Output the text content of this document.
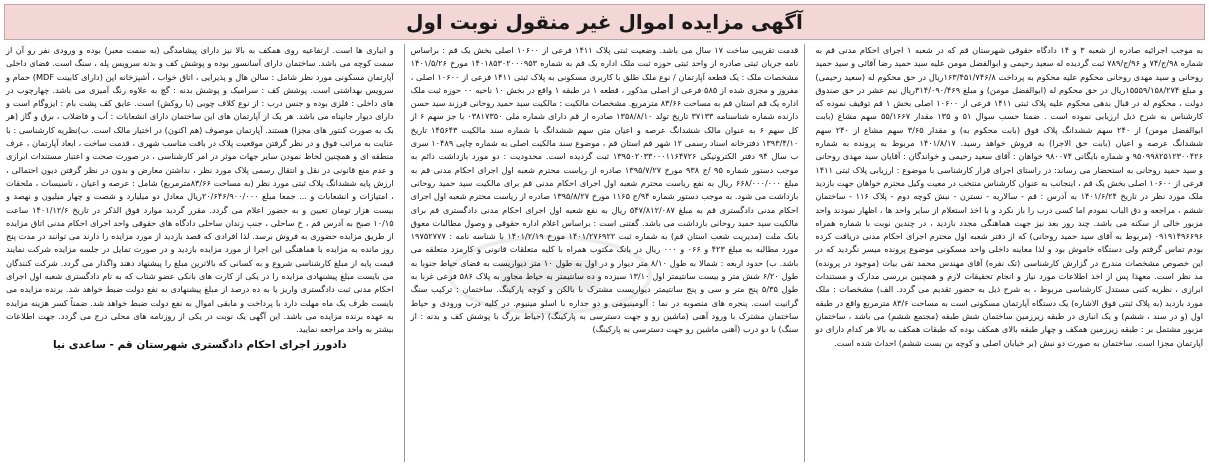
آگهی مزایده اموال غیر منقول نوبت اول

به موجب اجرائیه صادره از شعبه ۳ و ۱۴ دادگاه حقوقی شهرستان قم که در شعبه ۱ اجرای احکام مدنی قم به شماره ۹۸/ج/۷۴ و ۹۶/ج/۷۸۹ ثبت گردیده له سعید رحیمی و ابوالفضل مومن علیه سید حمید رضا آقائی و سید حمید روحانی و سید مهدی روحانی محکوم علیه محکوم به پرداخت ۱۶۳/۴۵۱/۷۴۶/۸ریال در حق محکوم له (سعید رحیمی) و مبلغ ۱۵۵۵۹/۱۵۸/۲۷۴ریال در حق محکوم له (ابوالفضل مومن) و مبلغ ۳۱۴/۰۹۰/۴۶۹ریال نیم عشر در حق صندوق دولت ، محکوم له در قبال بدهی محکوم علیه پلاک ثبتی ۱۴۱۱ فرعی از ۱۰۶۰۰ اصلی بخش ۱ قم توقیف نموده که کارشناس به شرح ذیل ارزیابی نموده است . ضمنا حسب سوال ۵۱ و ۱۳۵ مقدار ۵۵/۱۶۶۷ سهم مشاع (بابت ابوالفضل مومن) از ۲۴۰ سهم ششدانگ پلاک فوق (بابت محکوم به) و مقدار ۳/۶۵ سهم مشاع از ۲۴۰ سهم ششدانگ عرصه و اعیان (بابت حق الاجرا) به فروش خواهد رسید. ۱۴۰۱/۸/۱۷ مربوط به پرونده به شماره ۹۵۰۹۹۸۲۵۱۲۳۰۰۴۲۶ و شماره بایگانی ۹۸۰۰۷۴ خواهان : آقای سعید رحیمی و خواندگان : آقایان سید مهدی روحانی و سید حمید روحانی به استحضار می رساند: در راستای اجرای قرار کارشناسی با موضوع : ارزیابی پلاک ثبتی ۱۴۱۱ فرعی از ۱۰۶۰۰ اصلی بخش یک قم ، اینجانب به عنوان کارشناس منتخب در معیت وکیل محترم خواهان جهت بازدید ملک مورد نظر در تاریخ ۱۴۰۱/۶/۲۴ به آدرس : قم - سالاریه - نسترن - نبش کوچه دوم - پلاک ۱۱۶ - ساختمان ششم ، مراجعه و دق الباب نمودم اما کسی درب را باز نکرد و با اخذ استعلام از سایر واحد ها ، اظهار نمودند واحد مزبور خالی از سکنه می باشد. چند روز بعد نیز جهت هماهنگی مجدد بازدید ، در چندین نوبت با شماره همراه ۰۹۱۹۱۴۹۶۶۹۶ (مربوط به آقای سید حمید روحانی) که از دفتر شعبه اول محترم اجرای احکام مدنی دریافت کرده بودم تماس گرفتم ولی دستگاه خاموش بود و لذا معاینه داخلی واحد مسکونی موضوع پرونده میسر نگردید که در این خصوص مشخصات مندرج در گزارش کارشناسی (تک نفره) آقای مهندس محمد تقی بیات (موجود در پرونده) مد نظر است. معهذا پس از اخذ اطلاعات مورد نیاز و انجام تحقیقات لازم و همچنین بررسی مدارک و مستندات ابرازی ، نظریه کتبی مستدل کارشناسی مربوط ، به شرح ذیل به حضور تقدیم می گردد. الف) مشخصات : ملک مورد بازدید (به پلاک ثبتی فوق الاشاره) یک دستگاه آپارتمان مسکونی است به مساحت ۸۳/۶ مترمربع واقع در طبقه اول (و در سند ، ششم) و یک انباری در طبقه زیرزمین ساختمان شش طبقه (مجتمع ششم) می باشد ، ساختمان مزبور مشتمل بر : طبقه زیرزمین همکف و چهار طبقه بالای همکف بوده که طبقات همکف به بالا هر کدام دارای دو آپارتمان مجزا است. ساختمان به صورت دو نبش (بر خیابان اصلی و کوچه بن بست ششم) احداث شده است.

قدمت تقریبی ساخت ۱۷ سال می باشد. وضعیت ثبتی پلاک ۱۴۱۱ فرعی از ۱۰۶۰۰ اصلی بخش یک قم : براساس نامه جریان ثبتی صادره از واحد ثبتی حوزه ثبت ملک اداره یک قم به شماره ۱۴۰۱۸۵۳۰۲۰۰۰۹۵۳ مورخ ۱۴۰۱/۵/۲۶ مشخصات ملک : یک قطعه آپارتمان / نوع ملک طلق با کاربری مسکونی به پلاک ثبتی ۱۴۱۱ فرعی از ۱۰۶۰۰ اصلی ، مفروز و مجزی شده از ۵۸۵ فرعی از اصلی مذکور ، قطعه ۱ در طبقه ۱ واقع در بخش ۱۰ ناحیه ۰۰ حوزه ثبت ملک اداره یک قم استان قم به مساحت ۸۳/۶۶ مترمربع. مشخصات مالکیت : مالکیت سید حمید روحانی فرزند سید حسن دارنده شماره شناسنامه ۳۷۱۳۳ تاریخ تولد ۱۳۵۸/۸/۱۰ صادره از قم دارای شماره ملی ۰۳۸۱۷۳۵۰ با جز سهم ۶ از کل سهم ۶ به عنوان مالک ششدانگ عرصه و اعیان متن سهم ششدانگ با شماره سند مالکیت ۱۴۵۶۴۳ تاریخ ۱۳۹۳/۴/۱۰ دفترخانه اسناد رسمی ۱۲ شهر قم استان قم ، موضوع سند مالکیت اصلی به شماره چاپی ۱۰۴۸۹ سری ب سال ۹۴ دفتر الکترونیکی ۱۳۹۵۰۲۰۳۳۰۰۰۱۱۶۴۷۲۶ ثبت گردیده است. محدودیت : دو مورد بازداشت دائم به موجب دستور شماره ۹۵ /ج ۹۳۸ مورخ ۱۳۹۵/۷/۲۷ صادره از ریاست محترم شعبه اول اجرای احکام مدنی قم به مبلغ ۶۶۸/۰۰۰/۰۰۰ ریال به نفع ریاست محترم شعبه اول اجرای احکام مدنی قم برای مالکیت سید حمید روحانی بازداشت می شود. به موجب دستور شماره ۹۴/ج ۱۱۶۵ مورخ ۱۳۹۵/۸/۲۷ صادره از ریاست محترم شعبه اول اجرای احکام مدنی دادگستری قم به مبلغ ۵۴۷/۸۱۲/۰۸۷ ریال به نفع شعبه اول اجرای احکام مدنی دادگستری قم برای مالکیت سید حمید روحانی بازداشت می باشد. گفتنی است : براساس اعلام اداره حقوقی و وصول مطالبات معوق بانک ملت (مدیریت شعب استان قم) به شماره ثبت ۱۴۰۱/۲۷۶۹۲۲ مورخ ۱۴۰۱/۲/۱۹ با شناسه نامه : ۱۹۷۵۲۷۷۷ مورد مطالبه به مبلغ ۴۲۳ و ۰۶۶ و ۰۰۰ ریال در بانک مکتوب همراه با کلیه متعلقات قانونی و کارمزد متعلقه می باشد. ب) حدود اربعه : شمالا به طول ۸/۱۰ متر دیوار و در اول به طول ۱۰ متر دیواریست به فضای حیاط جنوبا به طول ۶/۲۰ شش متر و بیست سانتیمتر اول ۱۳/۱۰ سیزده و ده سانتیمتر به حیاط مجاور به پلاک ۵۸۶ فرعی غربا به طول ۵/۳۵ پنج متر و سی و پنج سانتیمتر دیواریست مشترک با بالکن و کوچه پارکینگ. ساختمان : ترکیب سنگ گرانیت است. پنجره های منصوبه در نما : آلومینیومی و دو جداره با اسلو مینیوم. در کلیه درب ورودی و حیاط ساختمان مشترک با ورود آهنی (ماشین رو و جهت دسترسی به پارکینگ) (حیاط بزرگ با پوشش کف و بدنه : از سنگ) با دو درب (آهنی ماشین رو جهت دسترسی به پارکینگ)

و انباری ها است. ارتفاعیه روی همکف به بالا نیز دارای پیشامدگی (به سمت معبر) بوده و ورودی نفر رو آن از سمت کوچه می باشد. ساختمان دارای آسانسور بوده و پوشش کف و بدنه سرویس پله ، سنگ است. فضای داخلی آپارتمان مسکونی مورد نظر شامل : سالن هال و پذیرایی ، اتاق خواب ، آشپزخانه اپن (دارای کابینت MDF) حمام و سرویس بهداشتی است. پوشش کف : سرامیک و پوشش بدنه : گچ به علاوه رنگ آمیزی می باشد. چهارچوب در های داخلی : فلزی بوده و جنس درب : از نوع کلاف چوبی (با روکش) است. عایق کف پشت بام : ایزوگام است و دارای دیوار جانپناه می باشد. هر یک از آپارتمان های این ساختمان دارای انشعابات : آب و فاضلاب ، برق و گاز (هر یک به صورت کنتور های مجزا) هستند. آپارتمان موصوف (هم اکنون) در اختیار مالک است. ب)نظریه کارشناسی : با عنایت به مراتب فوق و در نظر گرفتن موقعیت پلاک در بافت مناسب شهری ، قدمت ساخت ، ابعاد آپارتمان ، عرف منطقه ای و همچنین لحاظ نمودن سایر جهات موثر در امر کارشناسی ، در صورت صحت و اعتبار مستندات ابرازی و عدم منع قانونی در نقل و انتقال رسمی پلاک مورد نظر ، نداشتن معارض و بدون در نظر گرفتن دیون احتمالی ، ارزش پایه ششدانگ پلاک ثبتی مورد نظر (به مساحت ۸۳/۶۶مترمربع) شامل : عرصه و اعیان ، تاسیسات ، ملحقات ، امتیازات و انشعابات و ... جمعا مبلغ ۲۰/۶۴۶/۹۰۰/۰۰۰ریال معادل دو میلیارد و شصت و چهار میلیون و نهصد و بیست هزار تومان تعیین و به حضور اعلام می گردد. مقرر گردید موارد فوق الذکر در تاریخ ۱۴۰۱/۱۲/۶ ساعت ۱۰/۱۵ صبح به آدرس قم ، خ ساحلی ، جنب زندان ساحلی دادگاه های حقوقی واحد اجرای احکام مدنی اتاق مزایده از طریق مزایده حضوری به فروش برسد. لذا افرادی که قصد بازدید از مورد مزایده را دارند می توانند در مدت پنج روز مانده به مزایده با هماهنگی این اجرا از مورد مزایده بازدید و در صورت تمایل در جلسه مزایده شرکت نمایند قیمت پایه از مبلغ کارشناسی شروع و به کسانی که بالاترین مبلغ را پیشنهاد دهند واگذار می گردد. شرکت کنندگان می بایست مبلغ پیشنهادی مزایده را در یکی از کارت های بانکی عضو شتاب که به نام دادگستری شعبه اول اجرای احکام مدنی ثبت دادگستری واریز یا به ده درصد از مبلغ پیشنهادی به نفع دولت ضبط خواهد شد. برنده مزایده می بایست ظرف یک ماه مهلت دارد با پرداخت و مابقی اموال به نفع دولت ضبط خواهد شد. ضمناً کسر هزینه مزایده به عهده برنده مزایده می باشد. این آگهی یک نوبت در یکی از روزنامه های محلی درج می گردد. جهت اطلاعات بیشتر به واحد مراجعه نمایید.

دادورز اجرای احکام دادگستری شهرستان قم - ساعدی نیا
